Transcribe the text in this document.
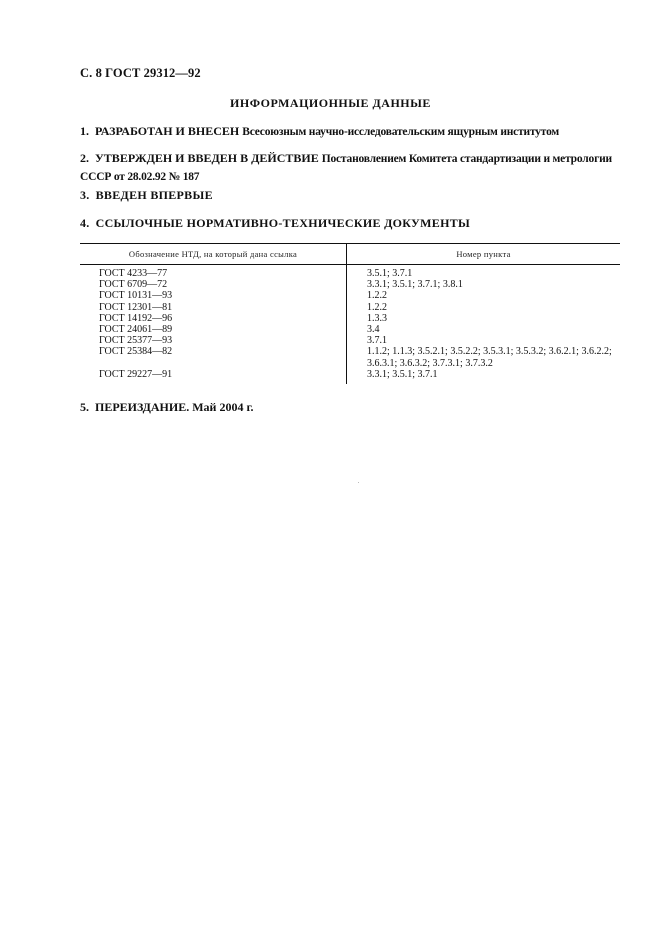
С. 8 ГОСТ 29312—92
ИНФОРМАЦИОННЫЕ ДАННЫЕ
1. РАЗРАБОТАН И ВНЕСЕН Всесоюзным научно-исследовательским ящурным институтом
2. УТВЕРЖДЕН И ВВЕДЕН В ДЕЙСТВИЕ Постановлением Комитета стандартизации и метрологии СССР от 28.02.92 № 187
3. ВВЕДЕН ВПЕРВЫЕ
4. ССЫЛОЧНЫЕ НОРМАТИВНО-ТЕХНИЧЕСКИЕ ДОКУМЕНТЫ
Обозначение НТД, на который дана ссылка	Номер пункта
ГОСТ 4233—77
ГОСТ 6709—72
ГОСТ 10131—93
ГОСТ 12301—81
ГОСТ 14192—96
ГОСТ 24061—89
ГОСТ 25377—93
ГОСТ 25384—82
ГОСТ 29227—91
3.5.1; 3.7.1
3.3.1; 3.5.1; 3.7.1; 3.8.1
1.2.2
1.2.2
1.3.3
3.4
3.7.1
1.1.2; 1.1.3; 3.5.2.1; 3.5.2.2; 3.5.3.1; 3.5.3.2; 3.6.2.1; 3.6.2.2; 3.6.3.1; 3.6.3.2; 3.7.3.1; 3.7.3.2
3.3.1; 3.5.1; 3.7.1
5. ПЕРЕИЗДАНИЕ. Май 2004 г.
